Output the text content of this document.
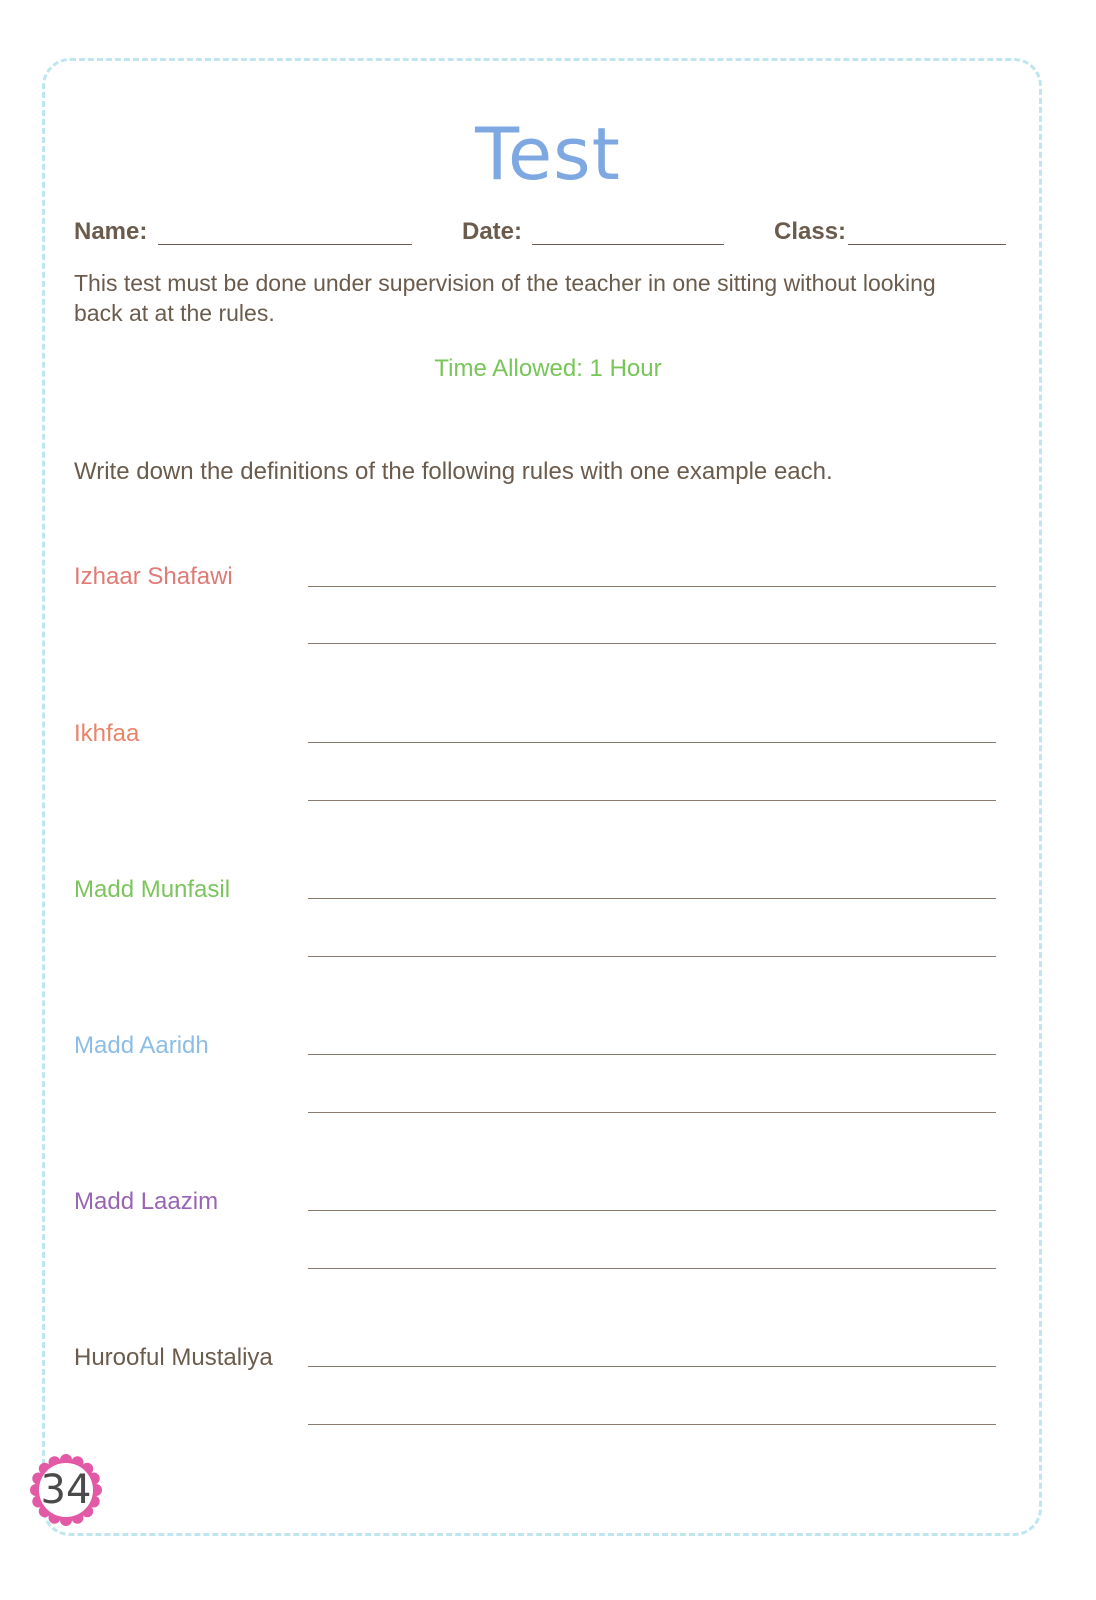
Test
Name:	Date:	Class:
This test must be done under supervision of the teacher in one sitting without looking back at at the rules.
Time Allowed: 1 Hour
Write down the definitions of the following rules with one example each.
Izhaar Shafawi
Ikhfaa
Madd Munfasil
Madd Aaridh
Madd Laazim
Hurooful Mustaliya
34
